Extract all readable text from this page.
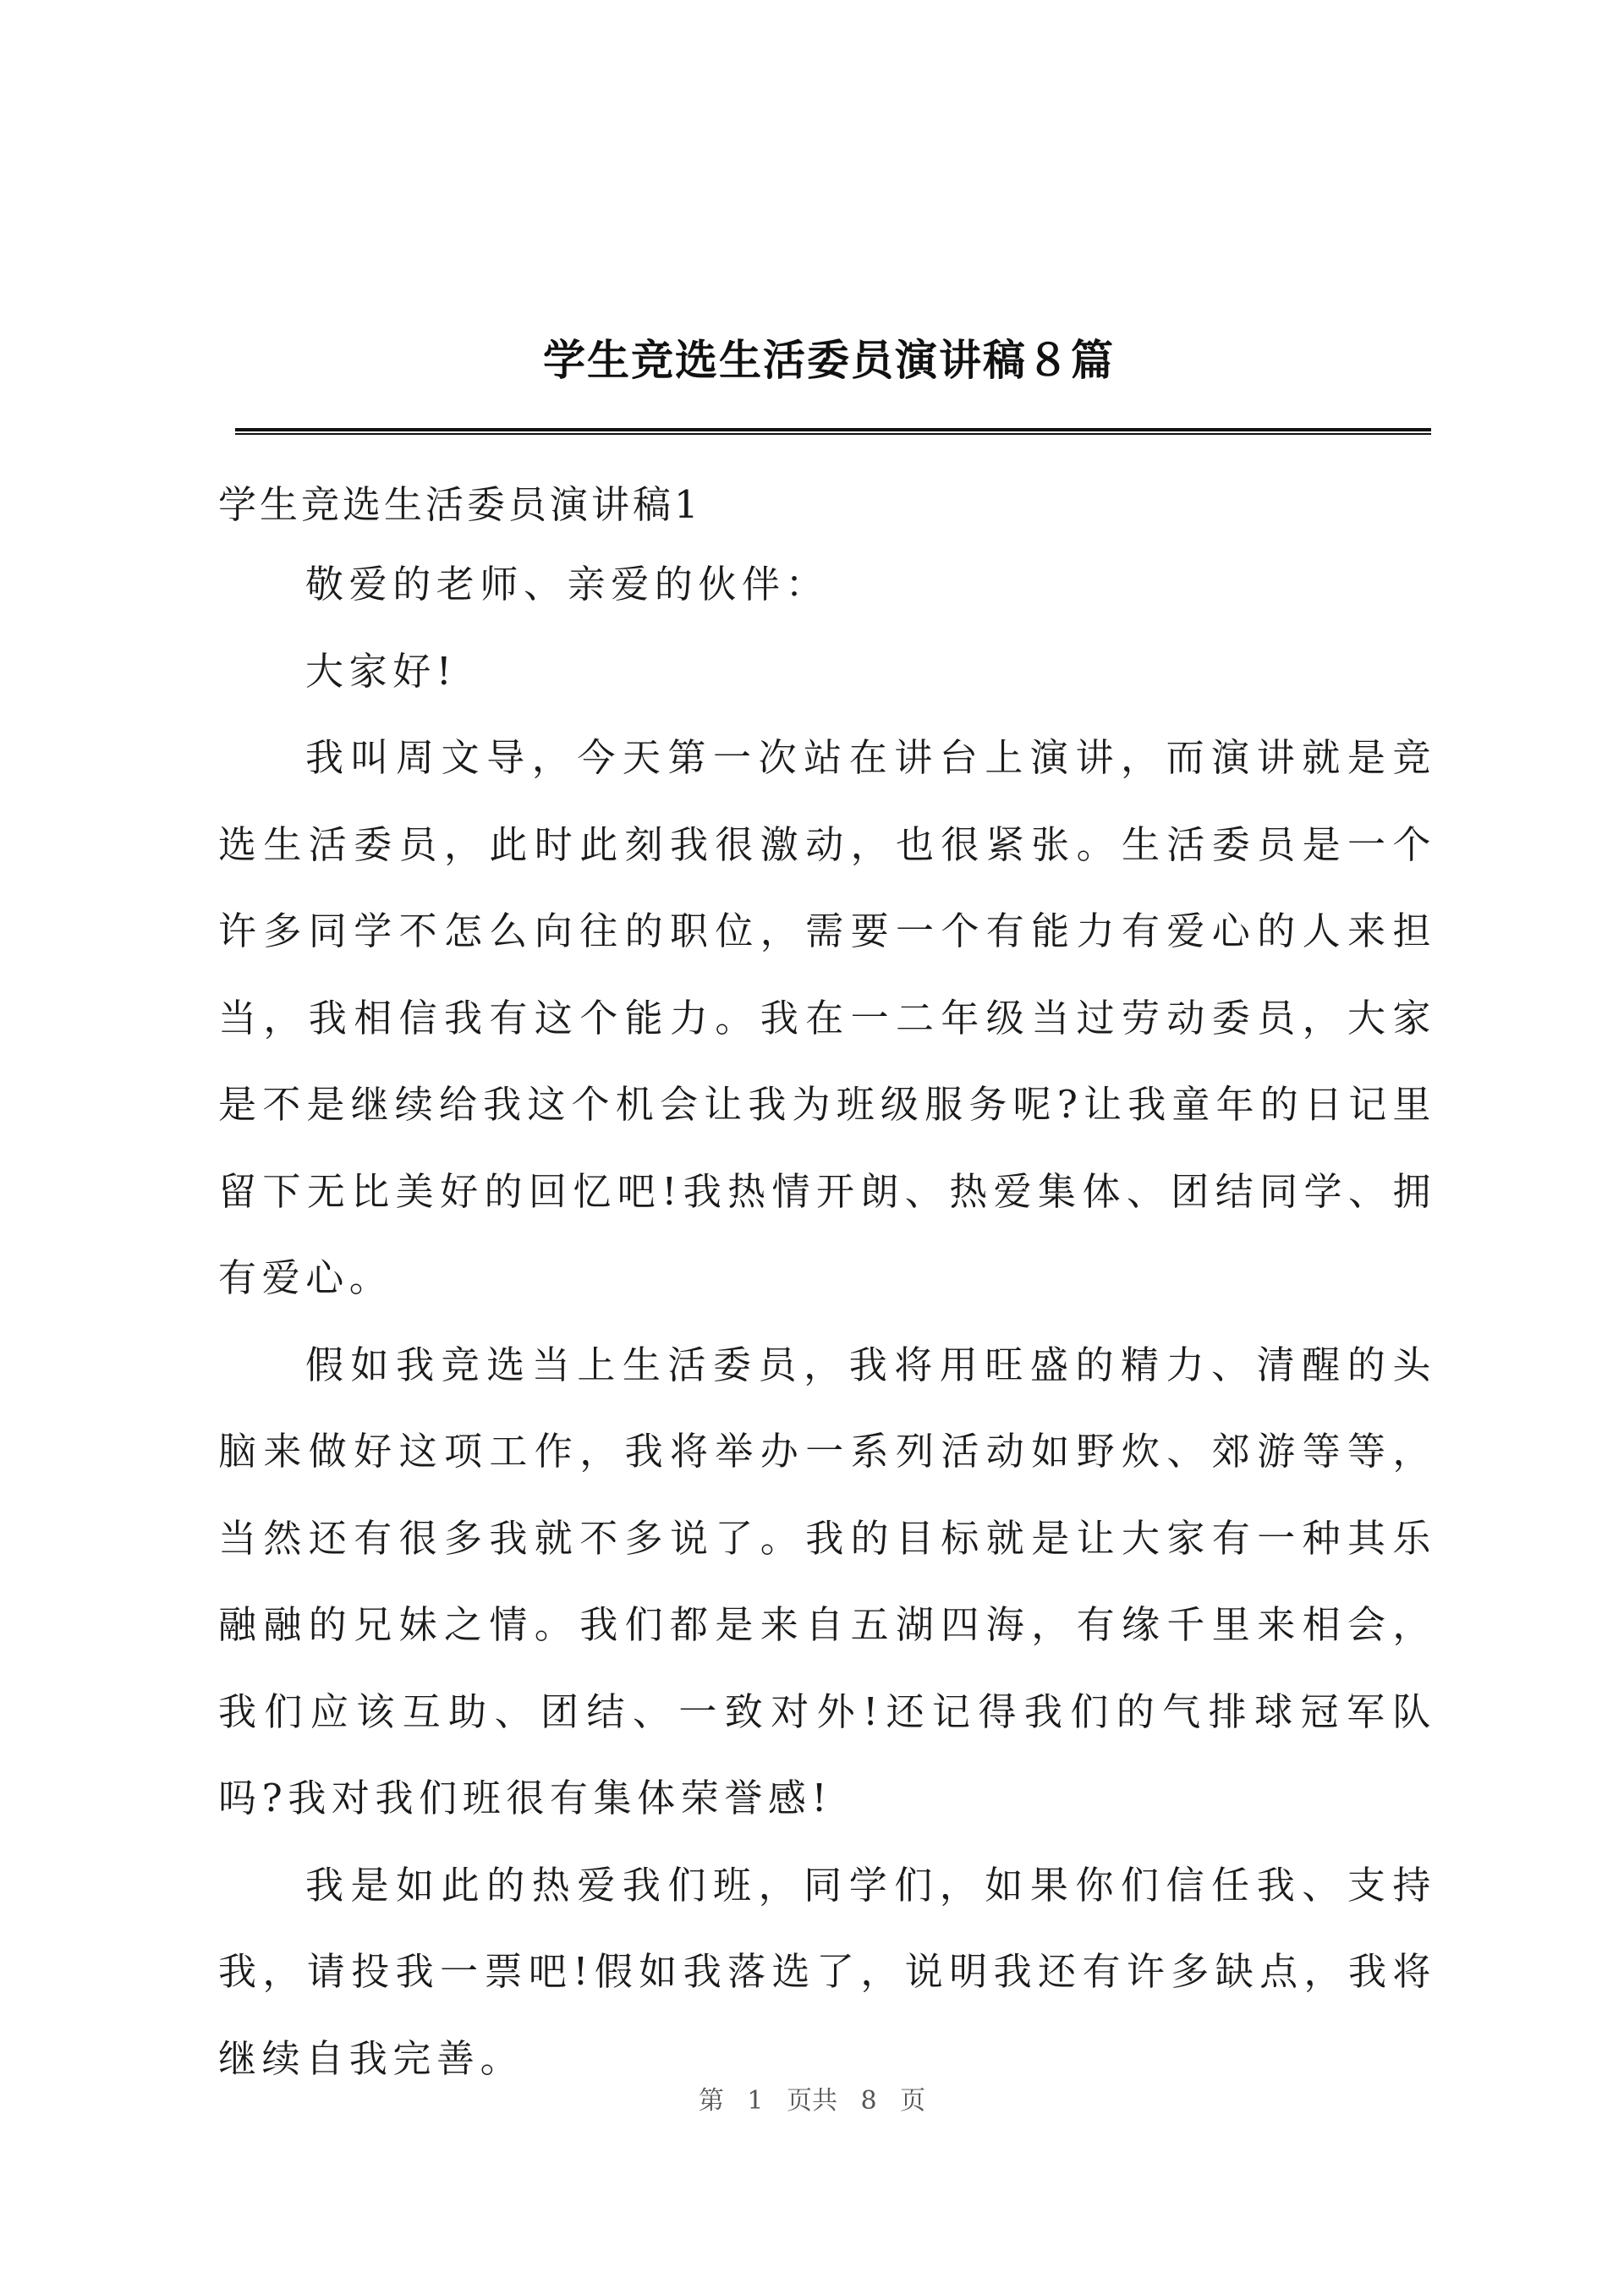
学生竞选生活委员演讲稿８篇
学生竞选生活委员演讲稿1

敬爱的老师、亲爱的伙伴：

大家好!

我叫周文导，今天第一次站在讲台上演讲，而演讲就是竞选生活委员，此时此刻我很激动，也很紧张。生活委员是一个许多同学不怎么向往的职位，需要一个有能力有爱心的人来担当，我相信我有这个能力。我在一二年级当过劳动委员，大家是不是继续给我这个机会让我为班级服务呢?让我童年的日记里留下无比美好的回忆吧!我热情开朗、热爱集体、团结同学、拥有爱心。

假如我竞选当上生活委员，我将用旺盛的精力、清醒的头脑来做好这项工作，我将举办一系列活动如野炊、郊游等等，当然还有很多我就不多说了。我的目标就是让大家有一种其乐融融的兄妹之情。我们都是来自五湖四海，有缘千里来相会，我们应该互助、团结、一致对外!还记得我们的气排球冠军队吗?我对我们班很有集体荣誉感!

我是如此的热爱我们班，同学们，如果你们信任我、支持我，请投我一票吧!假如我落选了，说明我还有许多缺点，我将继续自我完善。

第 1 页共 8 页
